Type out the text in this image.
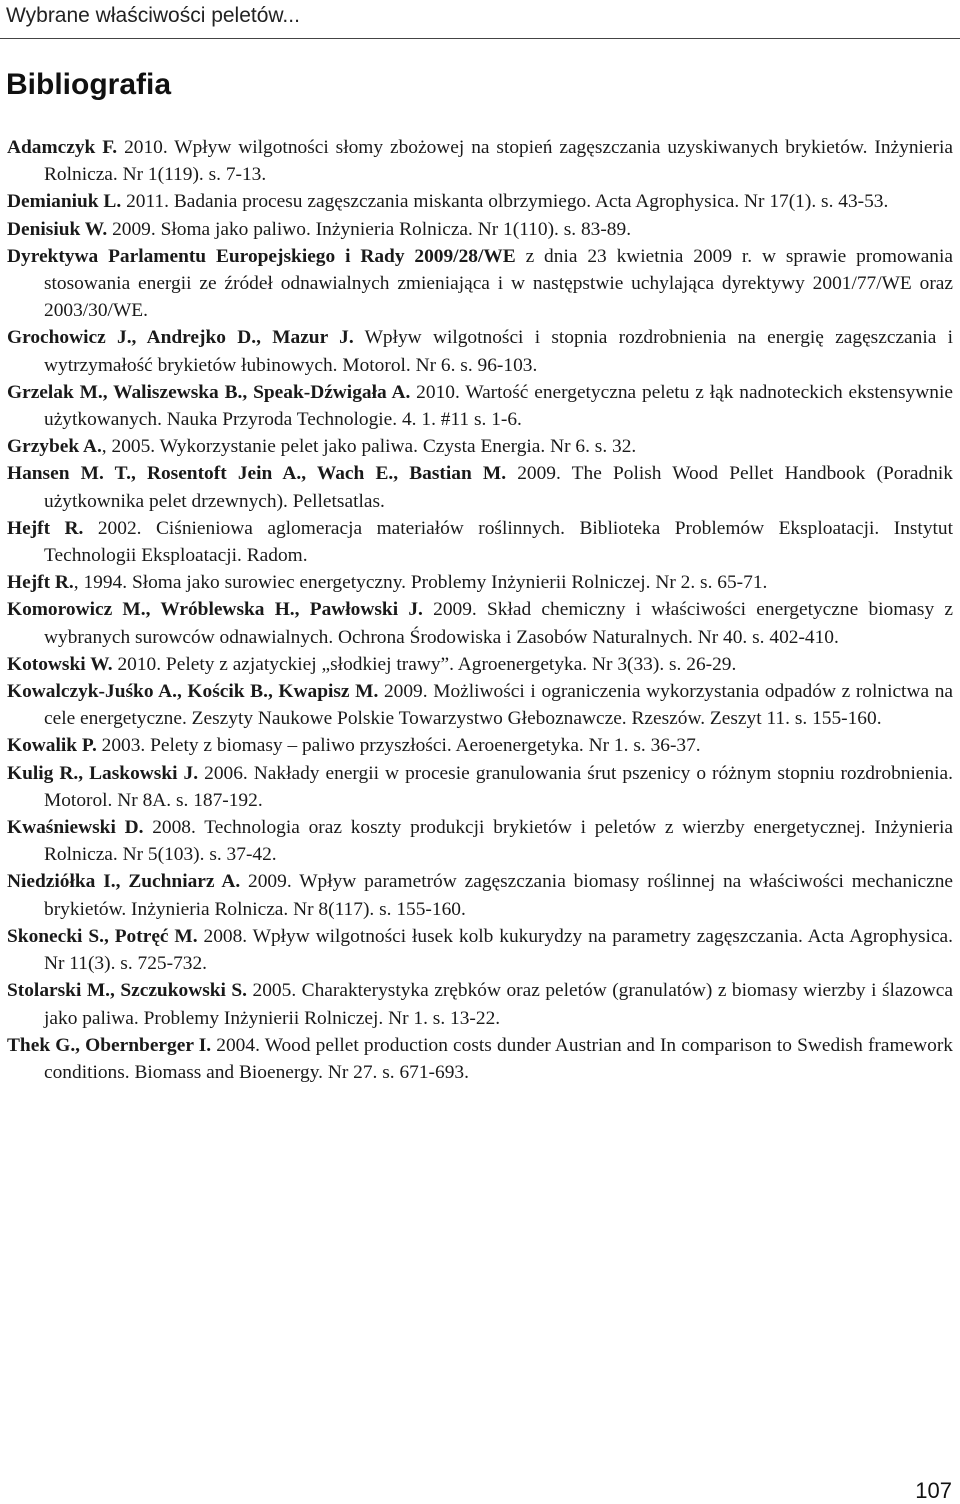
Wybrane właściwości peletów...
Bibliografia
Adamczyk F. 2010. Wpływ wilgotności słomy zbożowej na stopień zagęszczania uzyskiwanych brykietów. Inżynieria Rolnicza. Nr 1(119). s. 7-13.
Demianiuk L. 2011. Badania procesu zagęszczania miskanta olbrzymiego. Acta Agrophysica. Nr 17(1). s. 43-53.
Denisiuk W. 2009. Słoma jako paliwo. Inżynieria Rolnicza. Nr 1(110). s. 83-89.
Dyrektywa Parlamentu Europejskiego i Rady 2009/28/WE z dnia 23 kwietnia 2009 r. w sprawie promowania stosowania energii ze źródeł odnawialnych zmieniająca i w następstwie uchylająca dyrektywy 2001/77/WE oraz 2003/30/WE.
Grochowicz J., Andrejko D., Mazur J. Wpływ wilgotności i stopnia rozdrobnienia na energię zagęszczania i wytrzymałość brykietów łubinowych. Motorol. Nr 6. s. 96-103.
Grzelak M., Waliszewska B., Speak-Dźwigała A. 2010. Wartość energetyczna peletu z łąk nadnoteckich ekstensywnie użytkowanych. Nauka Przyroda Technologie. 4. 1. #11 s. 1-6.
Grzybek A., 2005. Wykorzystanie pelet jako paliwa. Czysta Energia. Nr 6. s. 32.
Hansen M. T., Rosentoft Jein A., Wach E., Bastian M. 2009. The Polish Wood Pellet Handbook (Poradnik użytkownika pelet drzewnych). Pelletsatlas.
Hejft R. 2002. Ciśnieniowa aglomeracja materiałów roślinnych. Biblioteka Problemów Eksploatacji. Instytut Technologii Eksploatacji. Radom.
Hejft R., 1994. Słoma jako surowiec energetyczny. Problemy Inżynierii Rolniczej. Nr 2. s. 65-71.
Komorowicz M., Wróblewska H., Pawłowski J. 2009. Skład chemiczny i właściwości energetyczne biomasy z wybranych surowców odnawialnych. Ochrona Środowiska i Zasobów Naturalnych. Nr 40. s. 402-410.
Kotowski W. 2010. Pelety z azjatyckiej „słodkiej trawy”. Agroenergetyka. Nr 3(33). s. 26-29.
Kowalczyk-Juśko A., Kościk B., Kwapisz M. 2009. Możliwości i ograniczenia wykorzystania odpadów z rolnictwa na cele energetyczne. Zeszyty Naukowe Polskie Towarzystwo Głeboznawcze. Rzeszów. Zeszyt 11. s. 155-160.
Kowalik P. 2003. Pelety z biomasy – paliwo przyszłości. Aeroenergetyka. Nr 1. s. 36-37.
Kulig R., Laskowski J. 2006. Nakłady energii w procesie granulowania śrut pszenicy o różnym stopniu rozdrobnienia. Motorol. Nr 8A. s. 187-192.
Kwaśniewski D. 2008. Technologia oraz koszty produkcji brykietów i peletów z wierzby energetycznej. Inżynieria Rolnicza. Nr 5(103). s. 37-42.
Niedziółka I., Zuchniarz A. 2009. Wpływ parametrów zagęszczania biomasy roślinnej na właściwości mechaniczne brykietów. Inżynieria Rolnicza. Nr 8(117). s. 155-160.
Skonecki S., Potręć M. 2008. Wpływ wilgotności łusek kolb kukurydzy na parametry zagęszczania. Acta Agrophysica. Nr 11(3). s. 725-732.
Stolarski M., Szczukowski S. 2005. Charakterystyka zrębków oraz peletów (granulatów) z biomasy wierzby i ślazowca jako paliwa. Problemy Inżynierii Rolniczej. Nr 1. s. 13-22.
Thek G., Obernberger I. 2004. Wood pellet production costs dunder Austrian and In comparison to Swedish framework conditions. Biomass and Bioenergy. Nr 27. s. 671-693.
107
